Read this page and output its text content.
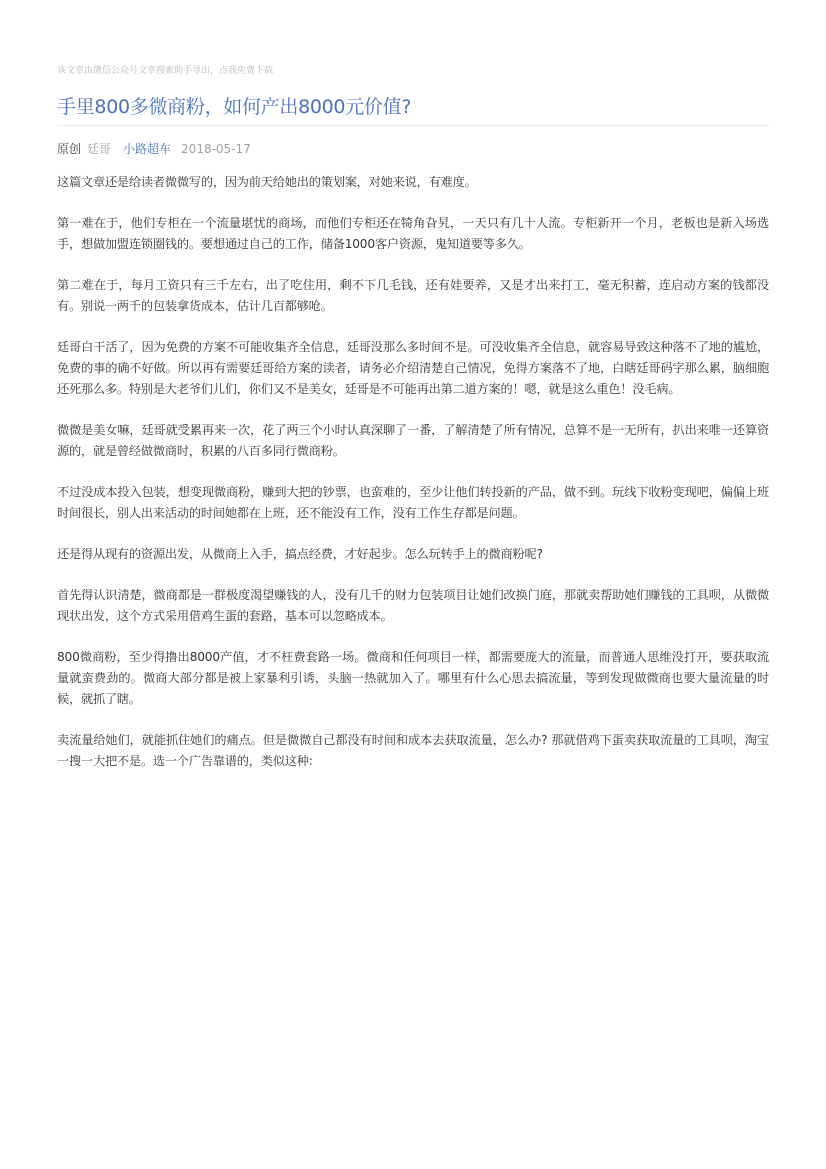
该文章由微信公众号文章搜索助手导出，点我免费下载
手里800多微商粉，如何产出8000元价值?
原创 廷哥 小路超车 2018-05-17

这篇文章还是给读者微微写的，因为前天给她出的策划案，对她来说，有难度。

第一难在于，他们专柜在一个流量堪忧的商场，而他们专柜还在犄角旮旯，一天只有几十人流。专柜新开一个月，老板也是新入场选手，想做加盟连锁圈钱的。要想通过自己的工作，储备1000客户资源，鬼知道要等多久。

第二难在于，每月工资只有三千左右，出了吃住用，剩不下几毛钱，还有娃要养，又是才出来打工，毫无积蓄，连启动方案的钱都没有。别说一两千的包装拿货成本，估计几百都够呛。

廷哥白干活了，因为免费的方案不可能收集齐全信息，廷哥没那么多时间不是。可没收集齐全信息，就容易导致这种落不了地的尴尬，免费的事的确不好做。所以再有需要廷哥给方案的读者，请务必介绍清楚自己情况，免得方案落不了地，白瞎廷哥码字那么累，脑细胞还死那么多。特别是大老爷们儿们，你们又不是美女，廷哥是不可能再出第二道方案的！嗯，就是这么重色！没毛病。

微微是美女嘛，廷哥就受累再来一次，花了两三个小时认真深聊了一番，了解清楚了所有情况，总算不是一无所有，扒出来唯一还算资源的，就是曾经做微商时，积累的八百多同行微商粉。

不过没成本投入包装，想变现微商粉，赚到大把的钞票，也蛮难的，至少让他们转投新的产品，做不到。玩线下收粉变现吧，偏偏上班时间很长，别人出来活动的时间她都在上班，还不能没有工作，没有工作生存都是问题。

还是得从现有的资源出发，从微商上入手，搞点经费，才好起步。怎么玩转手上的微商粉呢?

首先得认识清楚，微商都是一群极度渴望赚钱的人，没有几千的财力包装项目让她们改换门庭，那就卖帮助她们赚钱的工具呗，从微微现状出发，这个方式采用借鸡生蛋的套路，基本可以忽略成本。

800微商粉，至少得撸出8000产值，才不枉费套路一场。微商和任何项目一样，都需要庞大的流量，而普通人思维没打开，要获取流量就蛮费劲的。微商大部分都是被上家暴利引诱，头脑一热就加入了。哪里有什么心思去搞流量，等到发现做微商也要大量流量的时候，就抓了瞎。

卖流量给她们，就能抓住她们的痛点。但是微微自己都没有时间和成本去获取流量，怎么办? 那就借鸡下蛋卖获取流量的工具呗，淘宝一搜一大把不是。选一个广告靠谱的，类似这种:
